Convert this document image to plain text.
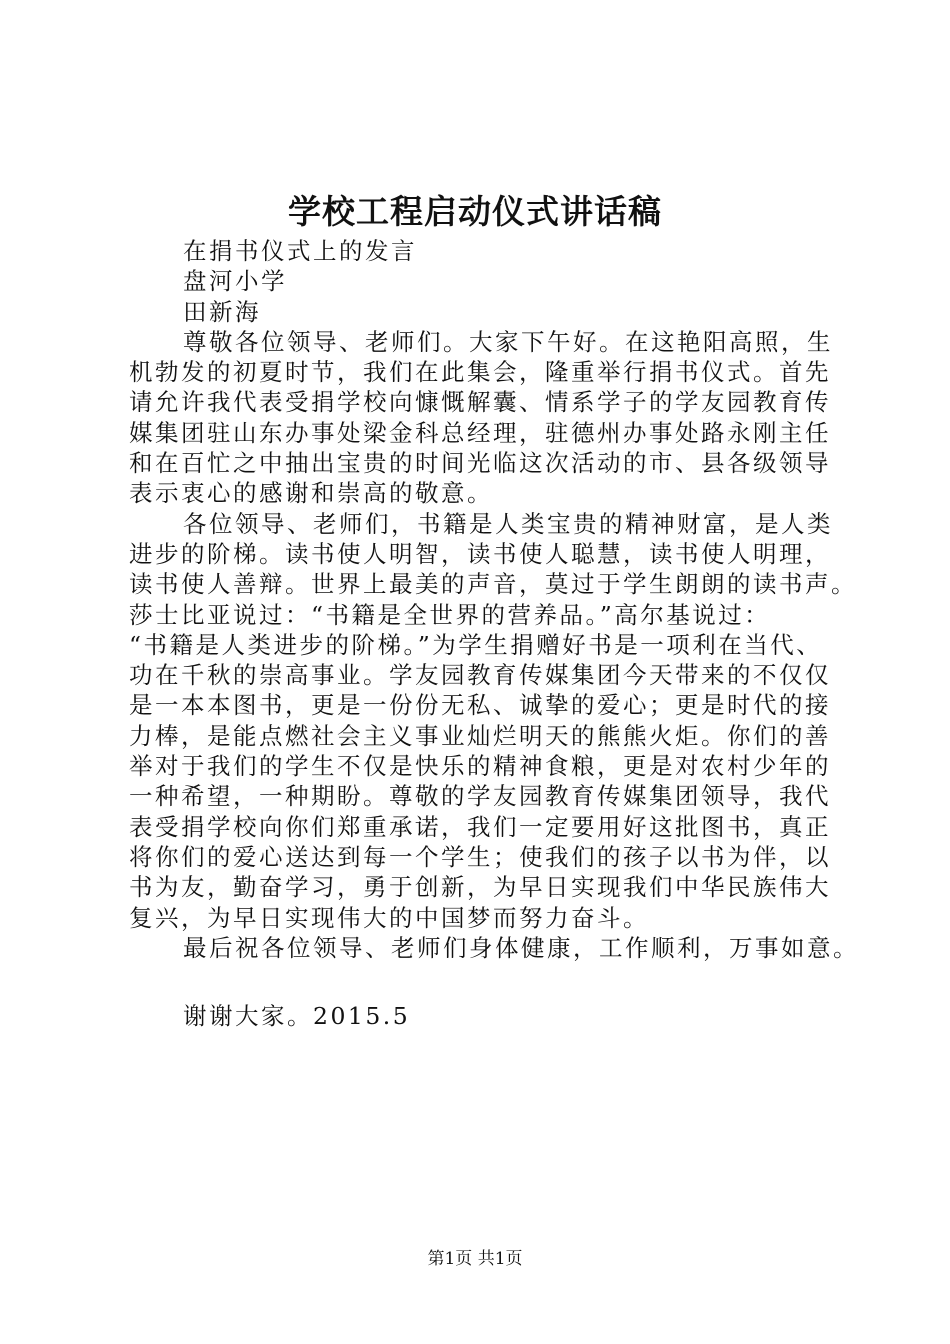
学校工程启动仪式讲话稿
在捐书仪式上的发言
盘河小学
田新海
尊敬各位领导、老师们。大家下午好。在这艳阳高照，生
机勃发的初夏时节，我们在此集会，隆重举行捐书仪式。首先
请允许我代表受捐学校向慷慨解囊、情系学子的学友园教育传
媒集团驻山东办事处梁金科总经理，驻德州办事处路永刚主任
和在百忙之中抽出宝贵的时间光临这次活动的市、县各级领导
表示衷心的感谢和崇高的敬意。
各位领导、老师们，书籍是人类宝贵的精神财富，是人类
进步的阶梯。读书使人明智，读书使人聪慧，读书使人明理，
读书使人善辩。世界上最美的声音，莫过于学生朗朗的读书声。
莎士比亚说过：“书籍是全世界的营养品。”高尔基说过：
“书籍是人类进步的阶梯。”为学生捐赠好书是一项利在当代、
功在千秋的崇高事业。学友园教育传媒集团今天带来的不仅仅
是一本本图书，更是一份份无私、诚挚的爱心；更是时代的接
力棒，是能点燃社会主义事业灿烂明天的熊熊火炬。你们的善
举对于我们的学生不仅是快乐的精神食粮，更是对农村少年的
一种希望，一种期盼。尊敬的学友园教育传媒集团领导，我代
表受捐学校向你们郑重承诺，我们一定要用好这批图书，真正
将你们的爱心送达到每一个学生；使我们的孩子以书为伴，以
书为友，勤奋学习，勇于创新，为早日实现我们中华民族伟大
复兴，为早日实现伟大的中国梦而努力奋斗。
最后祝各位领导、老师们身体健康，工作顺利，万事如意。
谢谢大家。2015.5
第1页 共1页
